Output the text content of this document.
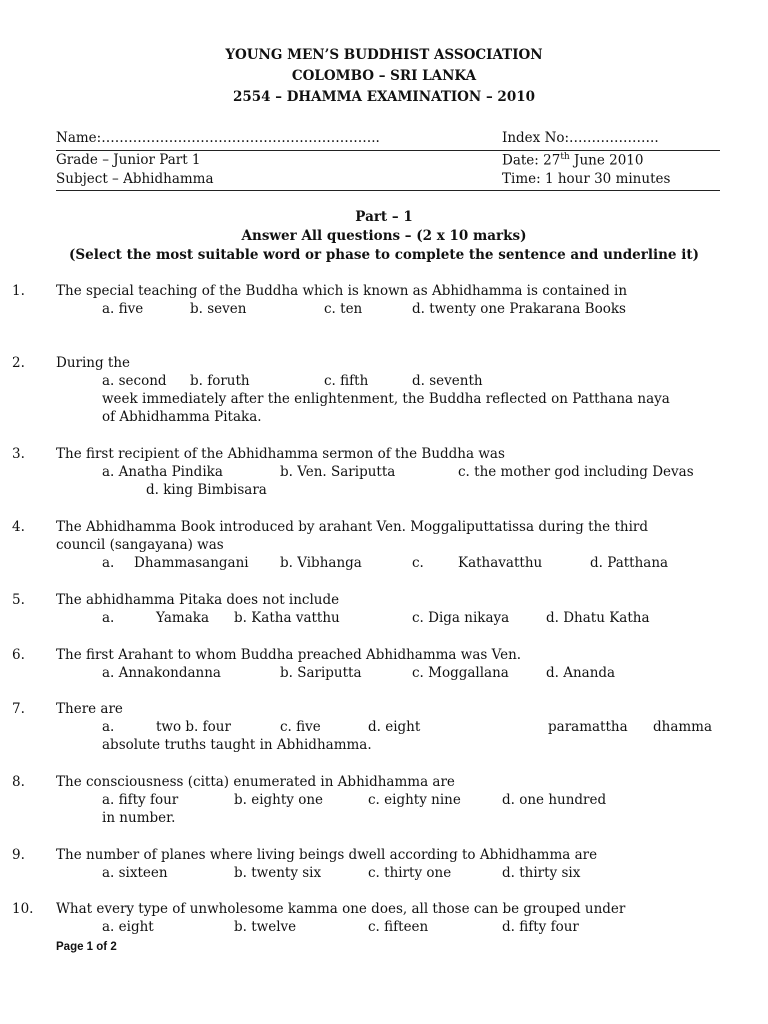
YOUNG MEN’S BUDDHIST ASSOCIATION
COLOMBO – SRI LANKA
2554 – DHAMMA EXAMINATION – 2010
Name:……………………………………………………..	Index No:………………..
Grade – Junior Part 1	Date: 27th June 2010
Subject – Abhidhamma	Time: 1 hour 30 minutes
Part – 1
Answer All questions – (2 x 10 marks)
(Select the most suitable word or phase to complete the sentence and underline it)
1. The special teaching of the Buddha which is known as Abhidhamma is contained in
a. five	b. seven	c. ten	d. twenty one Prakarana Books
2. During the
a. second b. foruth	c. fifth	d. seventh
week immediately after the enlightenment, the Buddha reflected on Patthana naya
of Abhidhamma Pitaka.
3. The first recipient of the Abhidhamma sermon of the Buddha was
a. Anatha Pindika	b. Ven. Sariputta	c. the mother god including Devas
d. king Bimbisara
4. The Abhidhamma Book introduced by arahant Ven. Moggaliputtatissa during the third
council (sangayana) was
a. Dhammasangani b. Vibhanga	c.	Kathavatthu	d. Patthana
5. The abhidhamma Pitaka does not include
a.	Yamaka b. Katha vatthu	c. Diga nikaya	d. Dhatu Katha
6. The first Arahant to whom Buddha preached Abhidhamma was Ven.
a. Annakondanna	b. Sariputta	c. Moggallana	d. Ananda
7. There are
a.	two b. four	c. five	d. eight	paramattha dhamma
absolute truths taught in Abhidhamma.
8. The consciousness (citta) enumerated in Abhidhamma are
a. fifty four	b. eighty one	c. eighty nine	d. one hundred
in number.
9. The number of planes where living beings dwell according to Abhidhamma are
a. sixteen	b. twenty six	c. thirty one	d. thirty six
10. What every type of unwholesome kamma one does, all those can be grouped under
a. eight	b. twelve	c. fifteen	d. fifty four
Page 1 of 2
